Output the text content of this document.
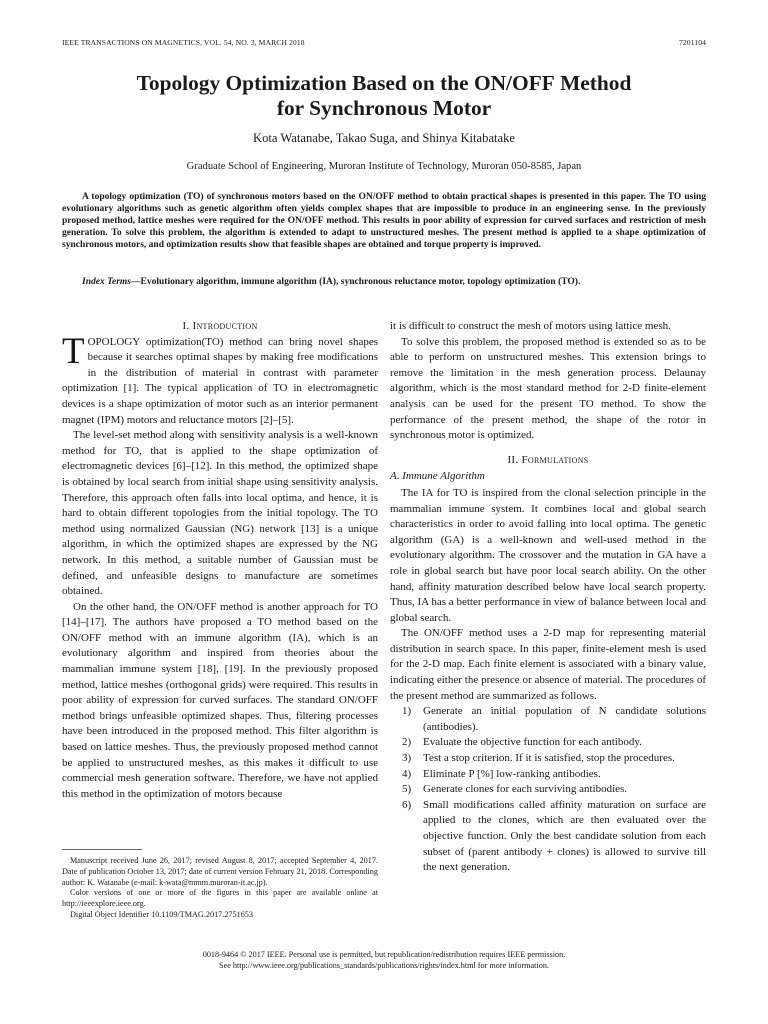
IEEE TRANSACTIONS ON MAGNETICS, VOL. 54, NO. 3, MARCH 2018	7201104
Topology Optimization Based on the ON/OFF Method
for Synchronous Motor
Kota Watanabe, Takao Suga, and Shinya Kitabatake
Graduate School of Engineering, Muroran Institute of Technology, Muroran 050-8585, Japan
A topology optimization (TO) of synchronous motors based on the ON/OFF method to obtain practical shapes is presented in this paper. The TO using evolutionary algorithms such as genetic algorithm often yields complex shapes that are impossible to produce in an engineering sense. In the previously proposed method, lattice meshes were required for the ON/OFF method. This results in poor ability of expression for curved surfaces and restriction of mesh generation. To solve this problem, the algorithm is extended to adapt to unstructured meshes. The present method is applied to a shape optimization of synchronous motors, and optimization results show that feasible shapes are obtained and torque property is improved.
Index Terms—Evolutionary algorithm, immune algorithm (IA), synchronous reluctance motor, topology optimization (TO).
I. Introduction

TOPOLOGY optimization(TO) method can bring novel shapes because it searches optimal shapes by making free modifications in the distribution of material in contrast with parameter optimization [1]. The typical application of TO in electromagnetic devices is a shape optimization of motor such as an interior permanent magnet (IPM) motors and reluctance motors [2]–[5].

The level-set method along with sensitivity analysis is a well-known method for TO, that is applied to the shape optimization of electromagnetic devices [6]–[12]. In this method, the optimized shape is obtained by local search from initial shape using sensitivity analysis. Therefore, this approach often falls into local optima, and hence, it is hard to obtain different topologies from the initial topology. The TO method using normalized Gaussian (NG) network [13] is a unique algorithm, in which the optimized shapes are expressed by the NG network. In this method, a suitable number of Gaussian must be defined, and unfeasible designs to manufacture are sometimes obtained.

On the other hand, the ON/OFF method is another approach for TO [14]–[17]. The authors have proposed a TO method based on the ON/OFF method with an immune algorithm (IA), which is an evolutionary algorithm and inspired from theories about the mammalian immune system [18], [19]. In the previously proposed method, lattice meshes (orthogonal grids) were required. This results in poor ability of expression for curved surfaces. The standard ON/OFF method brings unfeasible optimized shapes. Thus, filtering processes have been introduced in the proposed method. This filter algorithm is based on lattice meshes. Thus, the previously proposed method cannot be applied to unstructured meshes, as this makes it difficult to use commercial mesh generation software. Therefore, we have not applied this method in the optimization of motors because

Manuscript received June 26, 2017; revised August 8, 2017; accepted September 4, 2017. Date of publication October 13, 2017; date of current version February 21, 2018. Corresponding author: K. Watanabe (e-mail: k-wata@mmm.muroran-it.ac.jp).

Color versions of one or more of the figures in this paper are available online at http://ieeexplore.ieee.org.

Digital Object Identifier 10.1109/TMAG.2017.2751653

it is difficult to construct the mesh of motors using lattice mesh.

To solve this problem, the proposed method is extended so as to be able to perform on unstructured meshes. This extension brings to remove the limitation in the mesh generation process. Delaunay algorithm, which is the most standard method for 2-D finite-element analysis can be used for the present TO method. To show the performance of the present method, the shape of the rotor in synchronous motor is optimized.

II. Formulations
A. Immune Algorithm

The IA for TO is inspired from the clonal selection principle in the mammalian immune system. It combines local and global search characteristics in order to avoid falling into local optima. The genetic algorithm (GA) is a well-known and well-used method in the evolutionary algorithm. The crossover and the mutation in GA have a role in global search but have poor local search ability. On the other hand, affinity maturation described below have local search property. Thus, IA has a better performance in view of balance between local and global search.

The ON/OFF method uses a 2-D map for representing material distribution in search space. In this paper, finite-element mesh is used for the 2-D map. Each finite element is associated with a binary value, indicating either the presence or absence of material. The procedures of the present method are summarized as follows.

1) Generate an initial population of N candidate solutions (antibodies).
2) Evaluate the objective function for each antibody.
3) Test a stop criterion. If it is satisfied, stop the procedures.
4) Eliminate P [%] low-ranking antibodies.
5) Generate clones for each surviving antibodies.
6) Small modifications called affinity maturation on surface are applied to the clones, which are then evaluated over the objective function. Only the best candidate solution from each subset of (parent antibody + clones) is allowed to survive till the next generation.
0018-9464 © 2017 IEEE. Personal use is permitted, but republication/redistribution requires IEEE permission.
See http://www.ieee.org/publications_standards/publications/rights/index.html for more information.
